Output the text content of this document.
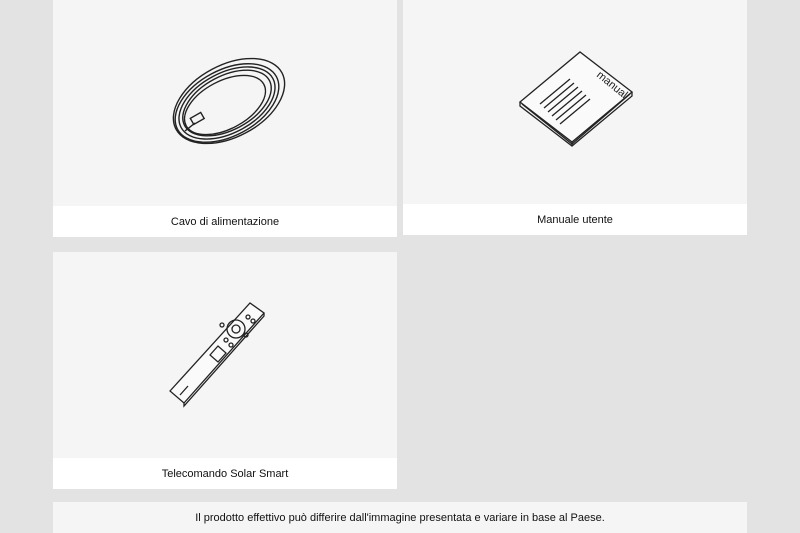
Cavo di alimentazione
manual
Manuale utente
Telecomando Solar Smart
Il prodotto effettivo può differire dall'immagine presentata e variare in base al Paese.
